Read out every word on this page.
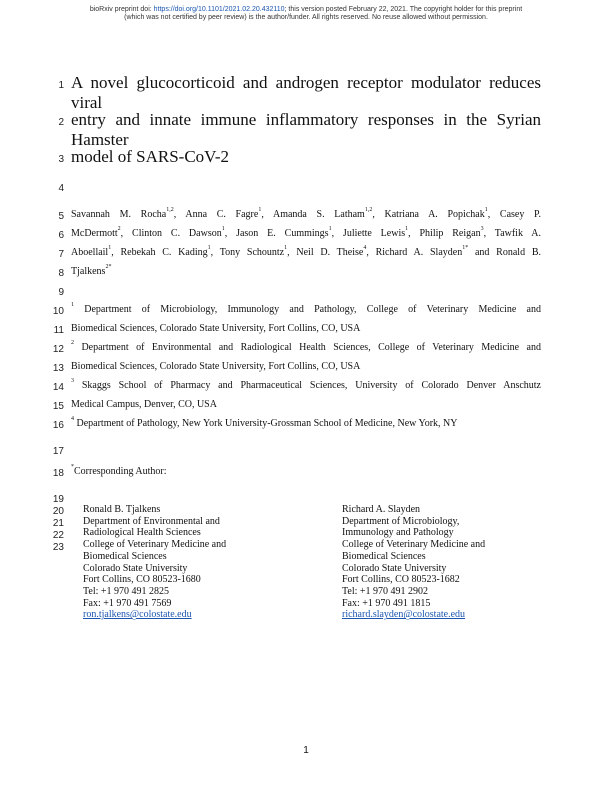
bioRxiv preprint doi: https://doi.org/10.1101/2021.02.20.432110; this version posted February 22, 2021. The copyright holder for this preprint
(which was not certified by peer review) is the author/funder. All rights reserved. No reuse allowed without permission.
1
2
3
4
5
6
7
8
9
10
11
12
13
14
15
16
17
18
19
20
21
22
23
A novel glucocorticoid and androgen receptor modulator reduces viral
entry and innate immune inflammatory responses in the Syrian Hamster
model of SARS-CoV-2
Savannah M. Rocha$^{1,2}$, Anna C. Fagre$^1$, Amanda S. Latham$^{1,2}$, Katriana A. Popichak$^1$, Casey P.
McDermott$^2$, Clinton C. Dawson$^1$, Jason E. Cummings$^1$, Juliette Lewis$^1$, Philip Reigan$^3$, Tawfik A.
Aboellail$^1$, Rebekah C. Kading$^1$, Tony Schountz$^1$, Neil D. Theise$^4$, Richard A. Slayden$^{1*}$ and Ronald B.
Tjalkens$^{2*}$
$^1$ Department of Microbiology, Immunology and Pathology, College of Veterinary Medicine and
Biomedical Sciences, Colorado State University, Fort Collins, CO, USA
$^2$ Department of Environmental and Radiological Health Sciences, College of Veterinary Medicine and
Biomedical Sciences, Colorado State University, Fort Collins, CO, USA
$^3$ Skaggs School of Pharmacy and Pharmaceutical Sciences, University of Colorado Denver Anschutz
Medical Campus, Denver, CO, USA
$^4$ Department of Pathology, New York University-Grossman School of Medicine, New York, NY
*Corresponding Author:
Ronald B. Tjalkens
Department of Environmental and
Radiological Health Sciences
College of Veterinary Medicine and
Biomedical Sciences
Colorado State University
Fort Collins, CO 80523-1680
Tel: +1 970 491 2825
Fax: +1 970 491 7569
ron.tjalkens@colostate.edu
Richard A. Slayden
Department of Microbiology,
Immunology and Pathology
College of Veterinary Medicine and
Biomedical Sciences
Colorado State University
Fort Collins, CO 80523-1682
Tel: +1 970 491 2902
Fax: +1 970 491 1815
richard.slayden@colostate.edu
1
